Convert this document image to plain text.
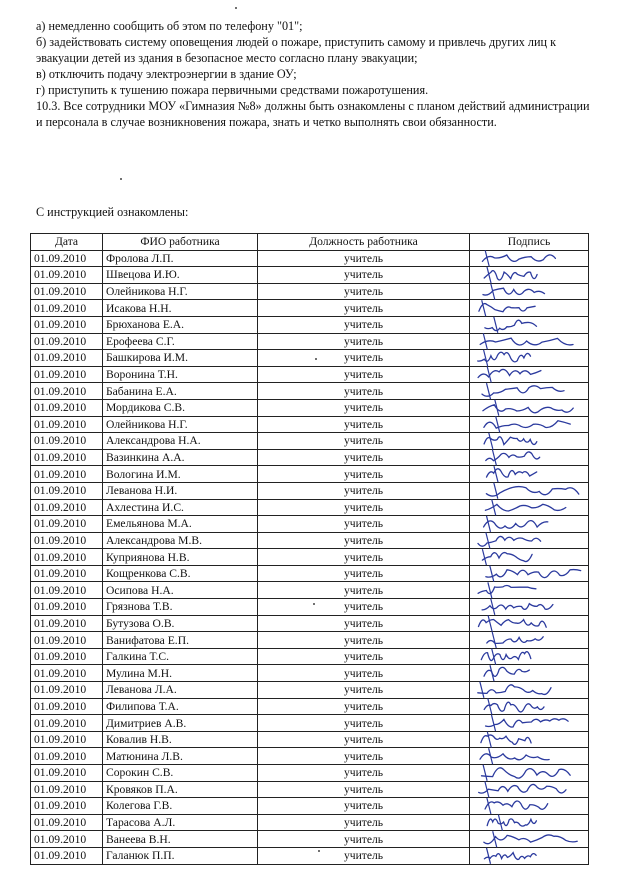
а) немедленно сообщить об этом по телефону "01";

б) задействовать систему оповещения людей о пожаре, приступить самому и привлечь других лиц к эвакуации детей из здания в безопасное место согласно плану эвакуации;

в) отключить подачу электроэнергии в здание ОУ;

г) приступить к тушению пожара первичными средствами пожаротушения.

10.3. Все сотрудники МОУ «Гимназия №8» должны быть ознакомлены с планом действий администрации и персонала в случае возникновения пожара, знать и четко выполнять свои обязанности.

С инструкцией ознакомлены:
Дата	ФИО работника	Должность работника	Подпись
01.09.2010	Фролова Л.П.	учитель	
01.09.2010	Швецова И.Ю.	учитель	
01.09.2010	Олейникова Н.Г.	учитель	
01.09.2010	Исакова Н.Н.	учитель	
01.09.2010	Брюханова Е.А.	учитель	
01.09.2010	Ерофеева С.Г.	учитель	
01.09.2010	Башкирова И.М.	учитель	
01.09.2010	Воронина Т.Н.	учитель	
01.09.2010	Бабанина Е.А.	учитель	
01.09.2010	Мордикова С.В.	учитель	
01.09.2010	Олейникова Н.Г.	учитель	
01.09.2010	Александрова Н.А.	учитель	
01.09.2010	Вазинкина А.А.	учитель	
01.09.2010	Вологина И.М.	учитель	
01.09.2010	Леванова Н.И.	учитель	
01.09.2010	Ахлестина И.С.	учитель	
01.09.2010	Емельянова М.А.	учитель	
01.09.2010	Александрова М.В.	учитель	
01.09.2010	Куприянова Н.В.	учитель	
01.09.2010	Кощренкова С.В.	учитель	
01.09.2010	Осипова Н.А.	учитель	
01.09.2010	Грязнова Т.В.	учитель	
01.09.2010	Бутузова О.В.	учитель	
01.09.2010	Ванифатова Е.П.	учитель	
01.09.2010	Галкина Т.С.	учитель	
01.09.2010	Мулина М.Н.	учитель	
01.09.2010	Леванова Л.А.	учитель	
01.09.2010	Филипова Т.А.	учитель	
01.09.2010	Димитриев А.В.	учитель	
01.09.2010	Ковалив Н.В.	учитель	
01.09.2010	Матюнина Л.В.	учитель	
01.09.2010	Сорокин С.В.	учитель	
01.09.2010	Кровяков П.А.	учитель	
01.09.2010	Колегова Г.В.	учитель	
01.09.2010	Тарасова А.Л.	учитель	
01.09.2010	Ванеева В.Н.	учитель	
01.09.2010	Галанюк П.П.	учитель	
